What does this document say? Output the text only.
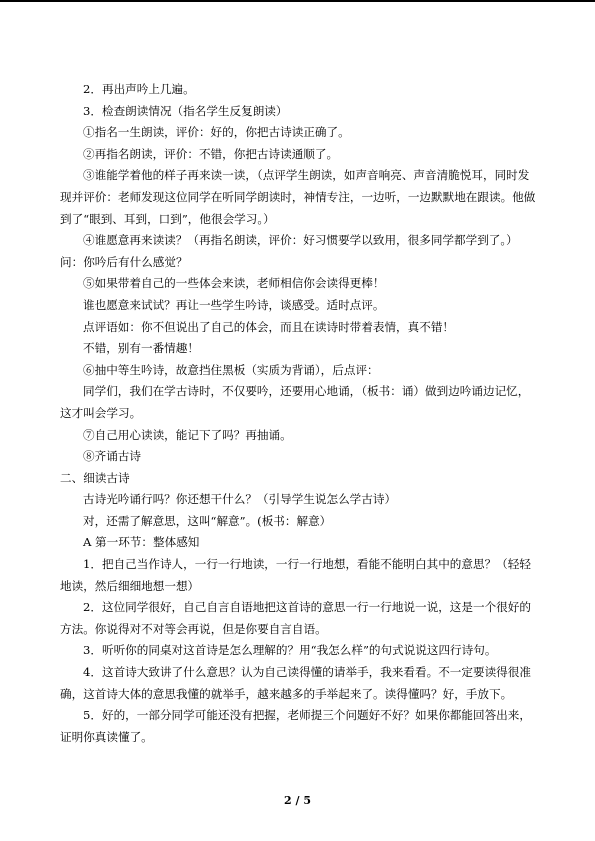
2．再出声吟上几遍。

3．检查朗读情况（指名学生反复朗读）

①指名一生朗读，评价：好的，你把古诗读正确了。

②再指名朗读，评价：不错，你把古诗读通顺了。

③谁能学着他的样子再来读一读，（点评学生朗读，如声音响亮、声音清脆悦耳，同时发现并评价：老师发现这位同学在听同学朗读时，神情专注，一边听，一边默默地在跟读。他做到了“眼到、耳到，口到”，他很会学习。）

④谁愿意再来读读？（再指名朗读，评价：好习惯要学以致用，很多同学都学到了。）

问：你吟后有什么感觉？

⑤如果带着自己的一些体会来读，老师相信你会读得更棒！

谁也愿意来试试？再让一些学生吟诗，谈感受。适时点评。

点评语如：你不但说出了自己的体会，而且在读诗时带着表情，真不错！

不错，别有一番情趣！

⑥抽中等生吟诗，故意挡住黑板（实质为背诵），后点评：

同学们，我们在学古诗时，不仅要吟，还要用心地诵，（板书：诵）做到边吟诵边记忆，这才叫会学习。

⑦自己用心读读，能记下了吗？再抽诵。

⑧齐诵古诗

二、细读古诗

古诗光吟诵行吗？你还想干什么？（引导学生说怎么学古诗）

对，还需了解意思，这叫“解意”。(板书：解意）

A 第一环节：整体感知

1．把自己当作诗人，一行一行地读，一行一行地想，看能不能明白其中的意思？（轻轻地读，然后细细地想一想）

2．这位同学很好，自己自言自语地把这首诗的意思一行一行地说一说，这是一个很好的方法。你说得对不对等会再说，但是你要自言自语。

3．听听你的同桌对这首诗是怎么理解的？用“我怎么样”的句式说说这四行诗句。

4．这首诗大致讲了什么意思？认为自己读得懂的请举手，我来看看。不一定要读得很准确，这首诗大体的意思我懂的就举手，越来越多的手举起来了。读得懂吗？好，手放下。

5．好的，一部分同学可能还没有把握，老师提三个问题好不好？如果你都能回答出来，证明你真读懂了。

2 / 5
